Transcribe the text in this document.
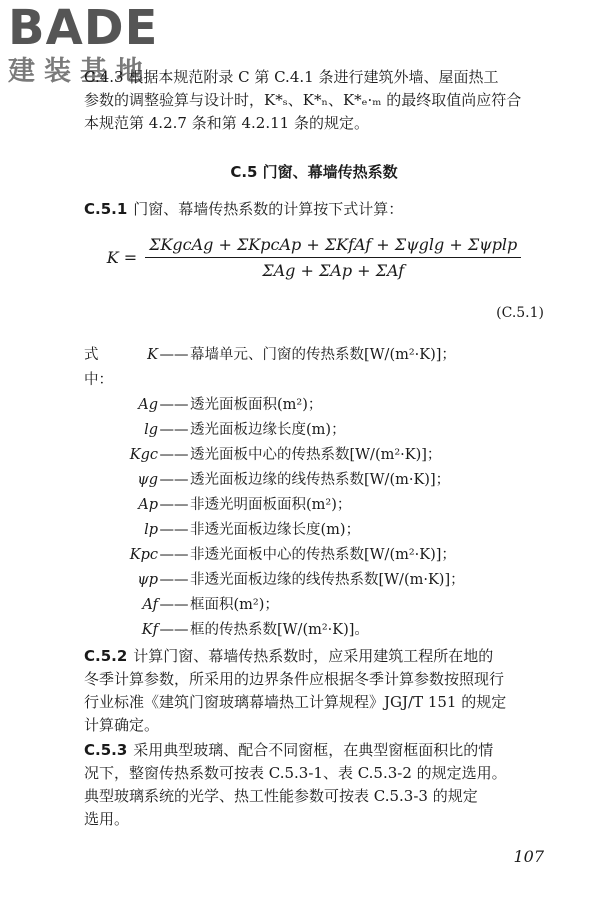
BADE
建装基地

C.4.3 根据本规范附录 C 第 C.4.1 条进行建筑外墙、屋面热工

参数的调整验算与设计时，K*ₛ、K*ₙ、K*ₑ·ₘ 的最终取值尚应符合

本规范第 4.2.7 条和第 4.2.11 条的规定。

C.5 门窗、幕墙传热系数

C.5.1 门窗、幕墙传热系数的计算按下式计算：

$K = \frac{\text{ΣKgcAg + ΣKpcAp + ΣKfAf + Σψglg + Σψplp}}{\text{ΣAg + ΣAp + ΣAf}}$

(C.5.1)

式中：
K —— 幕墙单元、门窗的传热系数[W/(m²·K)]；
Ag —— 透光面板面积(m²)；
lg —— 透光面板边缘长度(m)；
Kgc —— 透光面板中心的传热系数[W/(m²·K)]；
ψg —— 透光面板边缘的线传热系数[W/(m·K)]；
Ap —— 非透光明面板面积(m²)；
lp —— 非透光面板边缘长度(m)；
Kpc —— 非透光面板中心的传热系数[W/(m²·K)]；
ψp —— 非透光面板边缘的线传热系数[W/(m·K)]；
Af —— 框面积(m²)；
Kf —— 框的传热系数[W/(m²·K)]。

C.5.2 计算门窗、幕墙传热系数时，应采用建筑工程所在地的

冬季计算参数，所采用的边界条件应根据冬季计算参数按照现行

行业标准《建筑门窗玻璃幕墙热工计算规程》JGJ/T 151 的规定

计算确定。

C.5.3 采用典型玻璃、配合不同窗框，在典型窗框面积比的情

况下，整窗传热系数可按表 C.5.3-1、表 C.5.3-2 的规定选用。

典型玻璃系统的光学、热工性能参数可按表 C.5.3-3 的规定

选用。

107
